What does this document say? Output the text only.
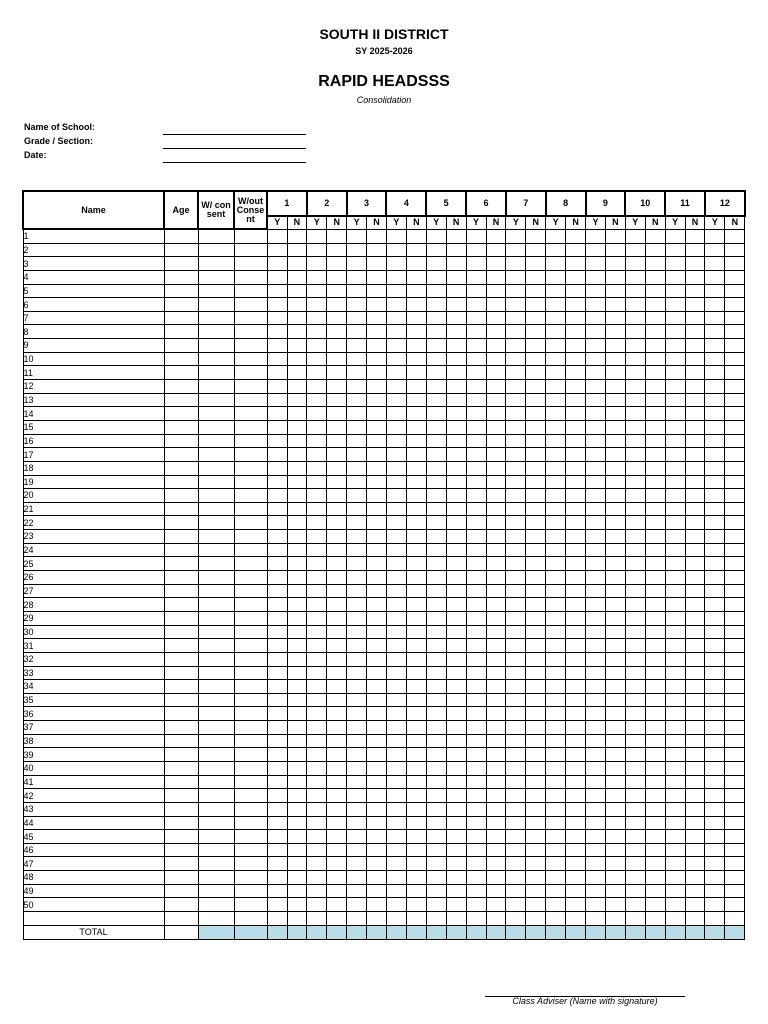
SOUTH II DISTRICT
SY 2025-2026
RAPID HEADSSS
Consolidation
Name of School:
Grade / Section:
Date:
Name	Age	W/ consent	W/out Consent	1		2		3		4		5		6		7		8		9		10		11		12	
				Y	N	Y	N	Y	N	Y	N	Y	N	Y	N	Y	N	Y	N	Y	N	Y	N	Y	N	Y	N
1																											
2																											
3																											
4																											
5																											
6																											
7																											
8																											
9																											
10																											
11																											
12																											
13																											
14																											
15																											
16																											
17																											
18																											
19																											
20																											
21																											
22																											
23																											
24																											
25																											
26																											
27																											
28																											
29																											
30																											
31																											
32																											
33																											
34																											
35																											
36																											
37																											
38																											
39																											
40																											
41																											
42																											
43																											
44																											
45																											
46																											
47																											
48																											
49																											
50																											

TOTAL																											
Class Adviser (Name with signature)
